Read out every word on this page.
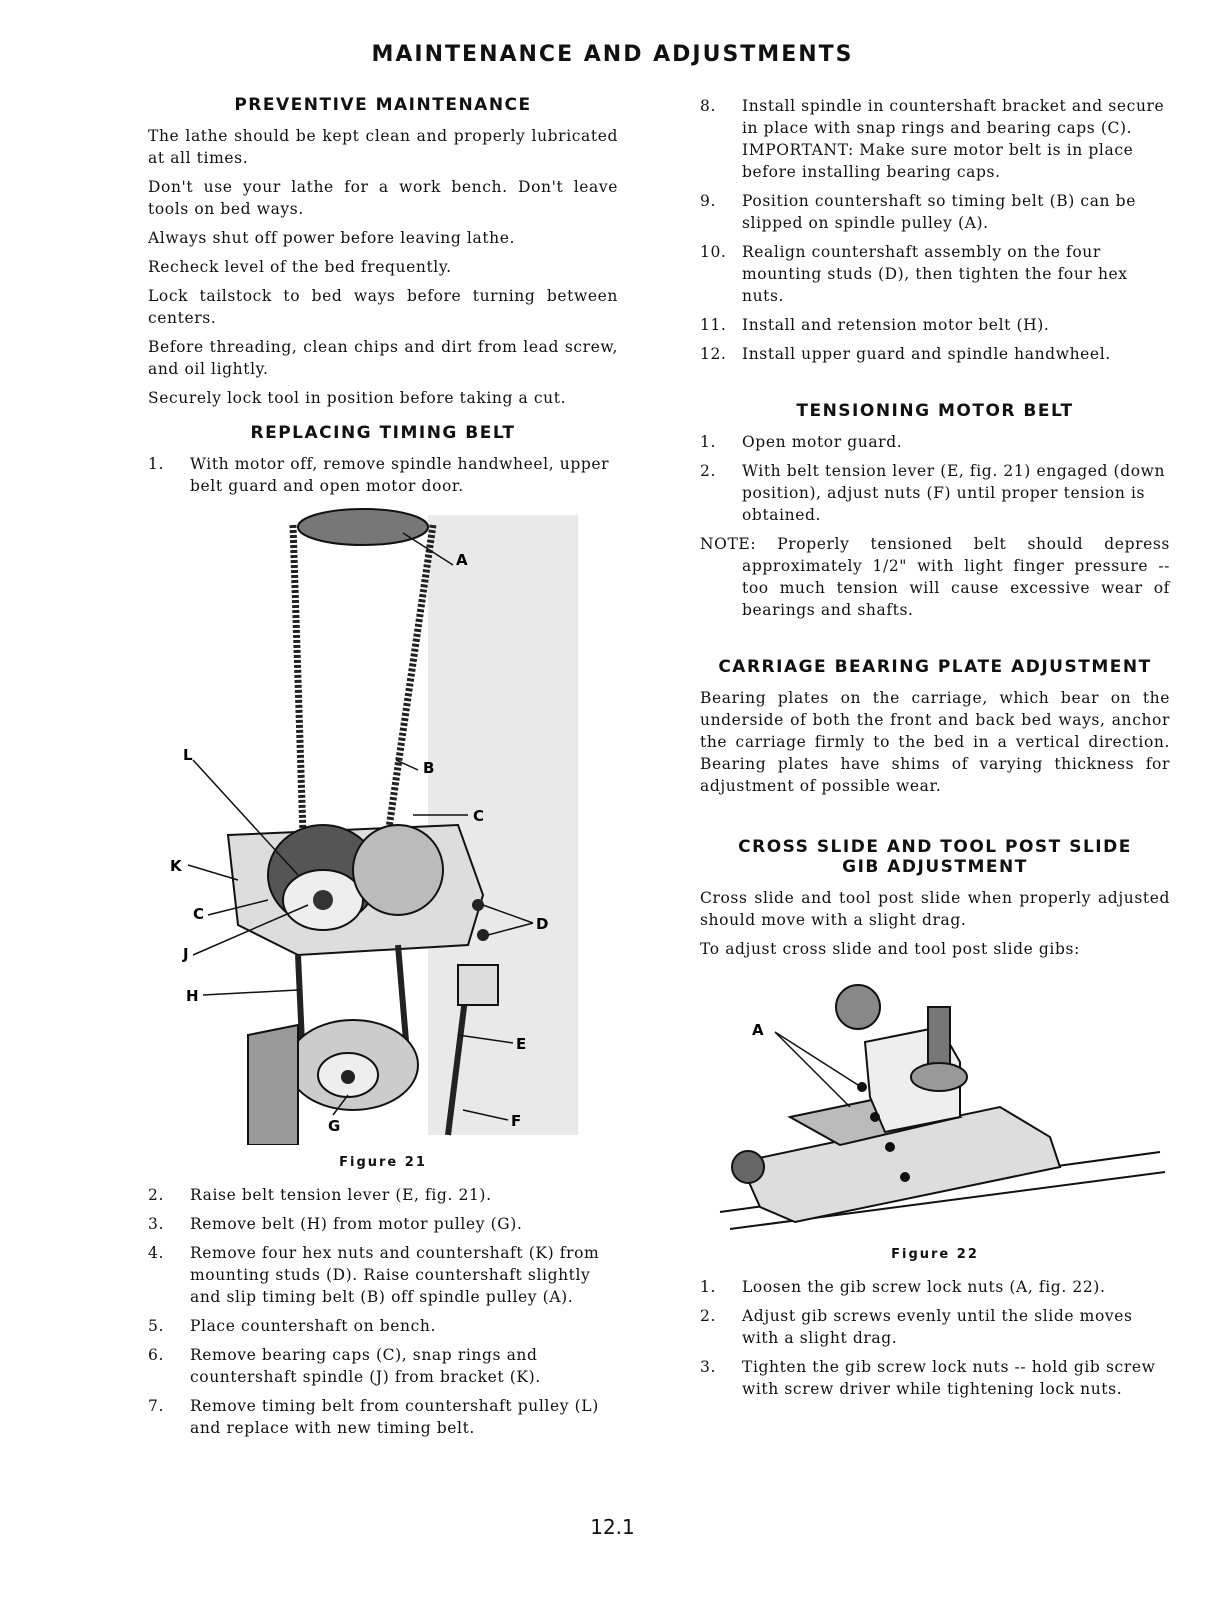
MAINTENANCE AND ADJUSTMENTS
PREVENTIVE MAINTENANCE

The lathe should be kept clean and properly lubricated at all times.

Don't use your lathe for a work bench. Don't leave tools on bed ways.

Always shut off power before leaving lathe.

Recheck level of the bed frequently.

Lock tailstock to bed ways before turning between centers.

Before threading, clean chips and dirt from lead screw, and oil lightly.

Securely lock tool in position before taking a cut.

REPLACING TIMING BELT
1. With motor off, remove spindle handwheel, upper belt guard and open motor door.
A
B
C
L
K
C
D
J
H
E
G	F
Figure 21
2. Raise belt tension lever (E, fig. 21).
3. Remove belt (H) from motor pulley (G).
4. Remove four hex nuts and countershaft (K) from mounting studs (D). Raise countershaft slightly and slip timing belt (B) off spindle pulley (A).
5. Place countershaft on bench.
6. Remove bearing caps (C), snap rings and countershaft spindle (J) from bracket (K).
7. Remove timing belt from countershaft pulley (L) and replace with new timing belt.
8. Install spindle in countershaft bracket and secure in place with snap rings and bearing caps (C). IMPORTANT: Make sure motor belt is in place before installing bearing caps.
9. Position countershaft so timing belt (B) can be slipped on spindle pulley (A).
10. Realign countershaft assembly on the four mounting studs (D), then tighten the four hex nuts.
11. Install and retension motor belt (H).
12. Install upper guard and spindle handwheel.
TENSIONING MOTOR BELT
1. Open motor guard.
2. With belt tension lever (E, fig. 21) engaged (down position), adjust nuts (F) until proper tension is obtained.
NOTE: Properly tensioned belt should depress approximately 1/2" with light finger pressure -- too much tension will cause excessive wear of bearings and shafts.
CARRIAGE BEARING PLATE ADJUSTMENT

Bearing plates on the carriage, which bear on the underside of both the front and back bed ways, anchor the carriage firmly to the bed in a vertical direction. Bearing plates have shims of varying thickness for adjustment of possible wear.

CROSS SLIDE AND TOOL POST SLIDE
GIB ADJUSTMENT

Cross slide and tool post slide when properly adjusted should move with a slight drag.

To adjust cross slide and tool post slide gibs:

A
Figure 22
1. Loosen the gib screw lock nuts (A, fig. 22).
2. Adjust gib screws evenly until the slide moves with a slight drag.
3. Tighten the gib screw lock nuts -- hold gib screw with screw driver while tightening lock nuts.
12.1
